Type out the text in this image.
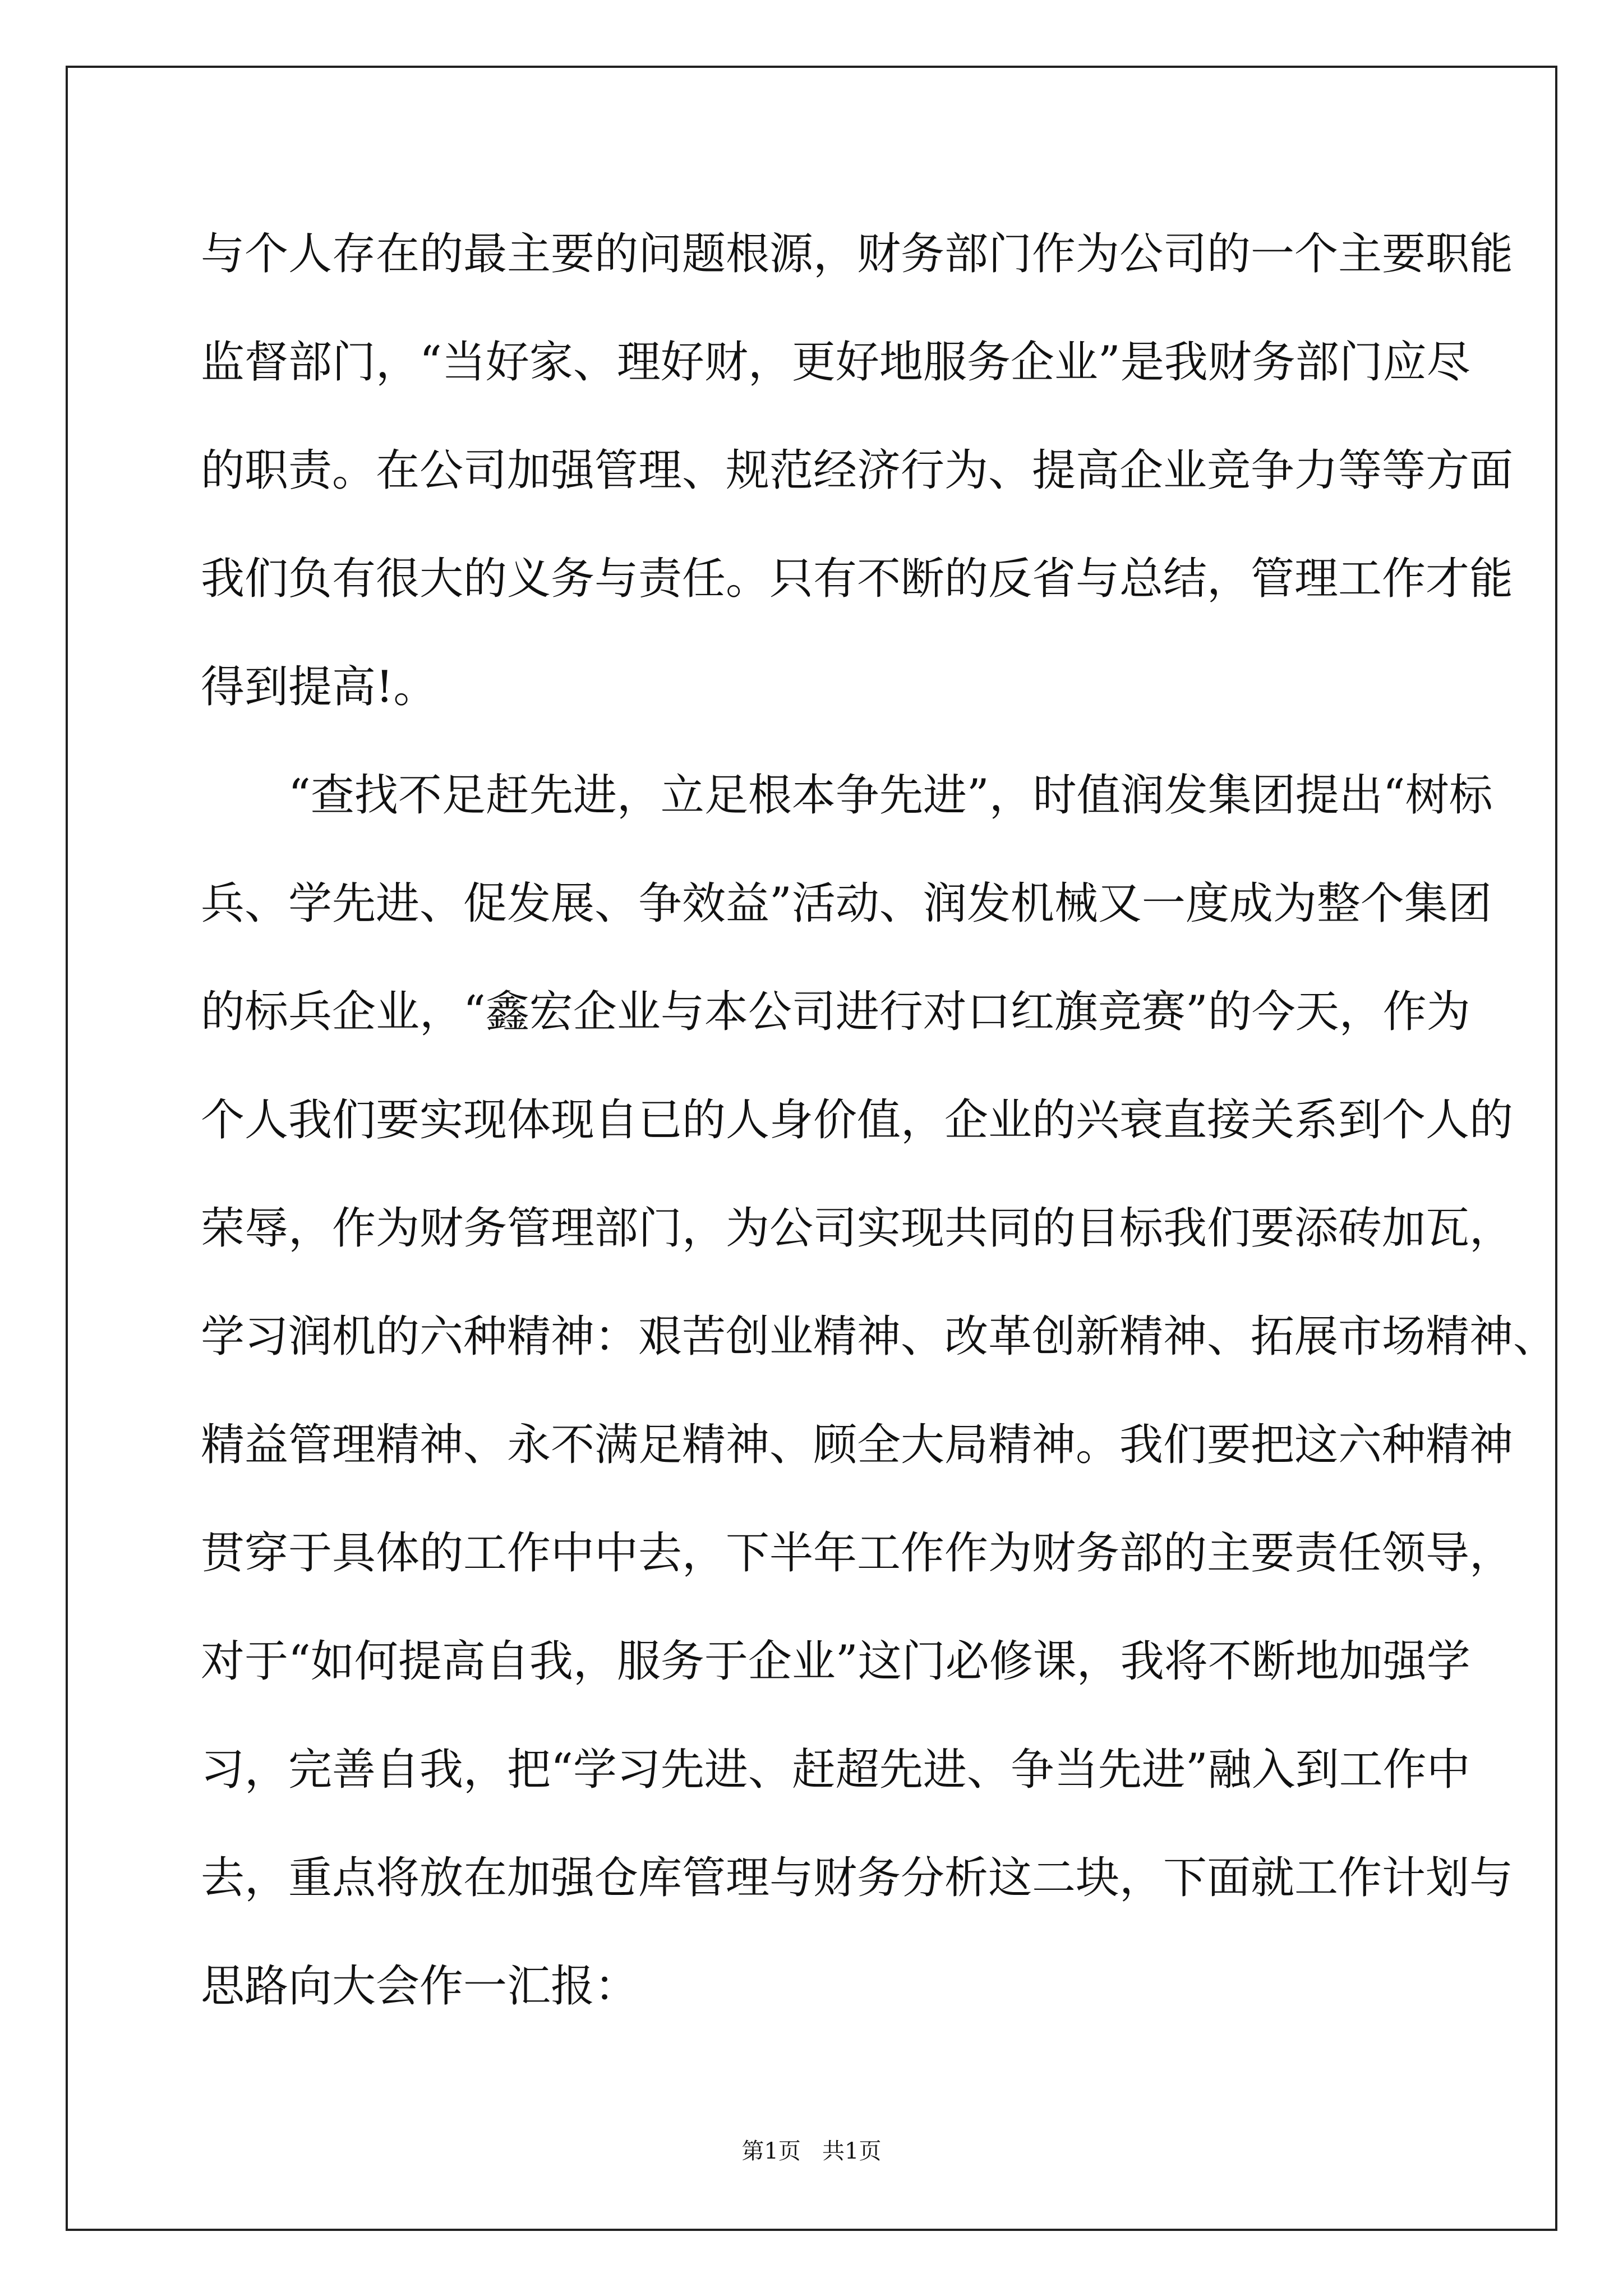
与个人存在的最主要的问题根源，财务部门作为公司的一个主要职能
监督部门，“当好家、理好财，更好地服务企业”是我财务部门应尽
的职责。在公司加强管理、规范经济行为、提高企业竞争力等等方面
我们负有很大的义务与责任。只有不断的反省与总结，管理工作才能
得到提高!。
“查找不足赶先进，立足根本争先进”，时值润发集团提出“树标
兵、学先进、促发展、争效益”活动、润发机械又一度成为整个集团
的标兵企业，“鑫宏企业与本公司进行对口红旗竞赛”的今天，作为
个人我们要实现体现自已的人身价值，企业的兴衰直接关系到个人的
荣辱，作为财务管理部门，为公司实现共同的目标我们要添砖加瓦，
学习润机的六种精神：艰苦创业精神、改革创新精神、拓展市场精神、
精益管理精神、永不满足精神、顾全大局精神。我们要把这六种精神
贯穿于具体的工作中中去，下半年工作作为财务部的主要责任领导，
对于“如何提高自我，服务于企业”这门必修课，我将不断地加强学
习，完善自我，把“学习先进、赶超先进、争当先进”融入到工作中
去，重点将放在加强仓库管理与财务分析这二块，下面就工作计划与
思路向大会作一汇报：
第1页   共1页
